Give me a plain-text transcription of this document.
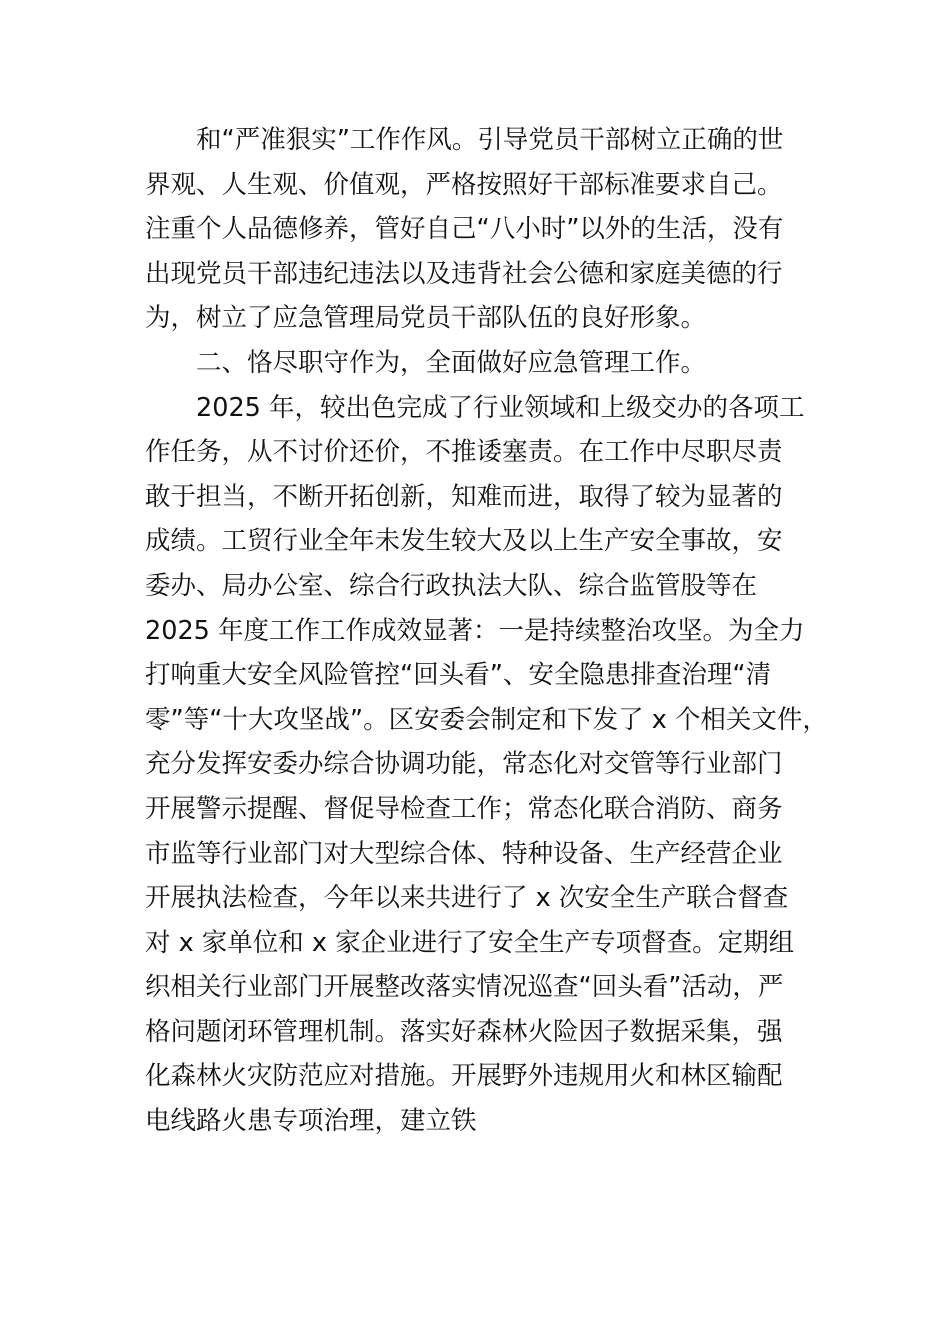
和“严准狠实”工作作风。引导党员干部树立正确的世
界观、人生观、价值观，严格按照好干部标准要求自己。
注重个人品德修养，管好自己“八小时”以外的生活，没有
出现党员干部违纪违法以及违背社会公德和家庭美德的行
为，树立了应急管理局党员干部队伍的良好形象。
二、恪尽职守作为，全面做好应急管理工作。
2025 年，较出色完成了行业领域和上级交办的各项工
作任务，从不讨价还价，不推诿塞责。在工作中尽职尽责
敢于担当，不断开拓创新，知难而进，取得了较为显著的
成绩。工贸行业全年未发生较大及以上生产安全事故，安
委办、局办公室、综合行政执法大队、综合监管股等在
2025 年度工作工作成效显著：一是持续整治攻坚。为全力
打响重大安全风险管控“回头看”、安全隐患排查治理“清
零”等“十大攻坚战”。区安委会制定和下发了 x 个相关文件，
充分发挥安委办综合协调功能，常态化对交管等行业部门
开展警示提醒、督促导检查工作；常态化联合消防、商务
市监等行业部门对大型综合体、特种设备、生产经营企业
开展执法检查，今年以来共进行了 x 次安全生产联合督查
对 x 家单位和 x 家企业进行了安全生产专项督查。定期组
织相关行业部门开展整改落实情况巡查“回头看”活动，严
格问题闭环管理机制。落实好森林火险因子数据采集，强
化森林火灾防范应对措施。开展野外违规用火和林区输配
电线路火患专项治理，建立铁
